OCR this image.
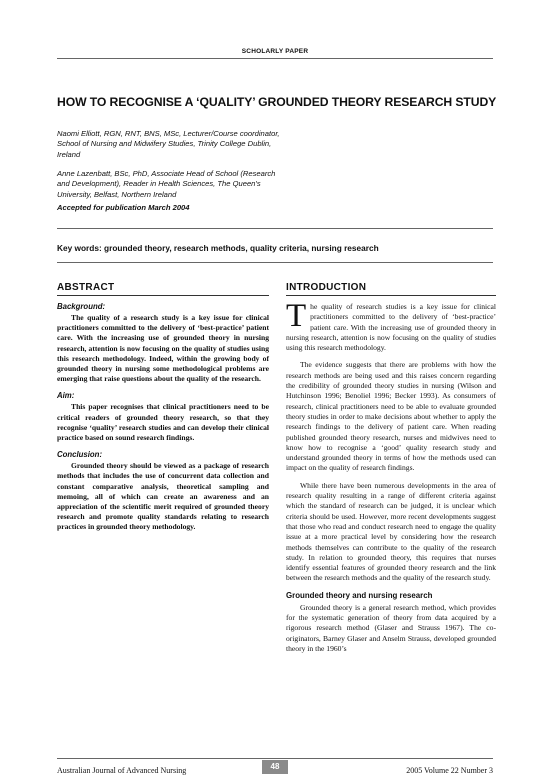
SCHOLARLY PAPER
HOW TO RECOGNISE A ‘QUALITY’ GROUNDED THEORY RESEARCH STUDY
Naomi Elliott, RGN, RNT, BNS, MSc, Lecturer/Course coordinator, School of Nursing and Midwifery Studies, Trinity College Dublin, Ireland
Anne Lazenbatt, BSc, PhD, Associate Head of School (Research and Development), Reader in Health Sciences, The Queen's University, Belfast, Northern Ireland
Accepted for publication March 2004
Key words: grounded theory, research methods, quality criteria, nursing research
ABSTRACT
Background:

The quality of a research study is a key issue for clinical practitioners committed to the delivery of ‘best-practice’ patient care. With the increasing use of grounded theory in nursing research, attention is now focusing on the quality of studies using this research methodology. Indeed, within the growing body of grounded theory in nursing some methodological problems are emerging that raise questions about the quality of the research.

Aim:

This paper recognises that clinical practitioners need to be critical readers of grounded theory research, so that they recognise ‘quality’ research studies and can develop their clinical practice based on sound research findings.

Conclusion:

Grounded theory should be viewed as a package of research methods that includes the use of concurrent data collection and constant comparative analysis, theoretical sampling and memoing, all of which can create an awareness and an appreciation of the scientific merit required of grounded theory research and promote quality standards relating to research practices in grounded theory methodology.

INTRODUCTION

The quality of research studies is a key issue for clinical practitioners committed to the delivery of ‘best-practice’ patient care. With the increasing use of grounded theory in nursing research, attention is now focusing on the quality of studies using this research methodology.

The evidence suggests that there are problems with how the research methods are being used and this raises concern regarding the credibility of grounded theory studies in nursing (Wilson and Hutchinson 1996; Benoliel 1996; Becker 1993). As consumers of research, clinical practitioners need to be able to evaluate grounded theory studies in order to make decisions about whether to apply the research findings to the delivery of patient care. When reading published grounded theory research, nurses and midwives need to know how to recognise a ‘good’ quality research study and understand grounded theory in terms of how the methods used can impact on the quality of research findings.

While there have been numerous developments in the area of research quality resulting in a range of different criteria against which the standard of research can be judged, it is unclear which criteria should be used. However, more recent developments suggest that those who read and conduct research need to engage the quality issue at a more practical level by considering how the research methods themselves can contribute to the quality of the research study. In relation to grounded theory, this requires that nurses identify essential features of grounded theory research and the link between the research methods and the quality of the research study.

Grounded theory and nursing research

Grounded theory is a general research method, which provides for the systematic generation of theory from data acquired by a rigorous research method (Glaser and Strauss 1967). The co-originators, Barney Glaser and Anselm Strauss, developed grounded theory in the 1960’s

Australian Journal of Advanced Nursing	48	2005 Volume 22 Number 3
